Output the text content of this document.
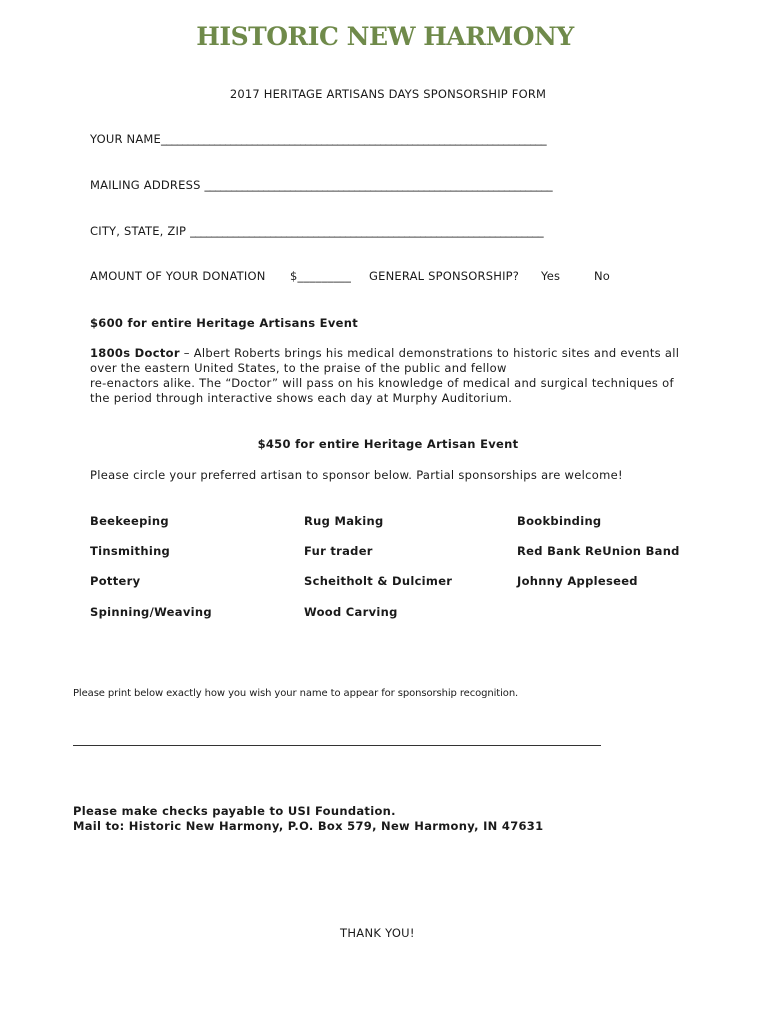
HISTORIC NEW HARMONY
2017 HERITAGE ARTISANS DAYS SPONSORSHIP FORM
YOUR NAME________________________________________________________________________
MAILING ADDRESS _________________________________________________________________
CITY, STATE, ZIP __________________________________________________________________
AMOUNT OF YOUR DONATION $_________ GENERAL SPONSORSHIP? Yes	No
$600 for entire Heritage Artisans Event
1800s Doctor – Albert Roberts brings his medical demonstrations to historic sites and events all
over the eastern United States, to the praise of the public and fellow
re-enactors alike. The “Doctor” will pass on his knowledge of medical and surgical techniques of
the period through interactive shows each day at Murphy Auditorium.
$450 for entire Heritage Artisan Event
Please circle your preferred artisan to sponsor below. Partial sponsorships are welcome!
Beekeeping
Tinsmithing
Pottery
Spinning/Weaving
Rug Making
Fur trader
Scheitholt & Dulcimer
Wood Carving
Bookbinding
Red Bank ReUnion Band
Johnny Appleseed
Please print below exactly how you wish your name to appear for sponsorship recognition.
Please make checks payable to USI Foundation.
Mail to: Historic New Harmony, P.O. Box 579, New Harmony, IN 47631
THANK YOU!
